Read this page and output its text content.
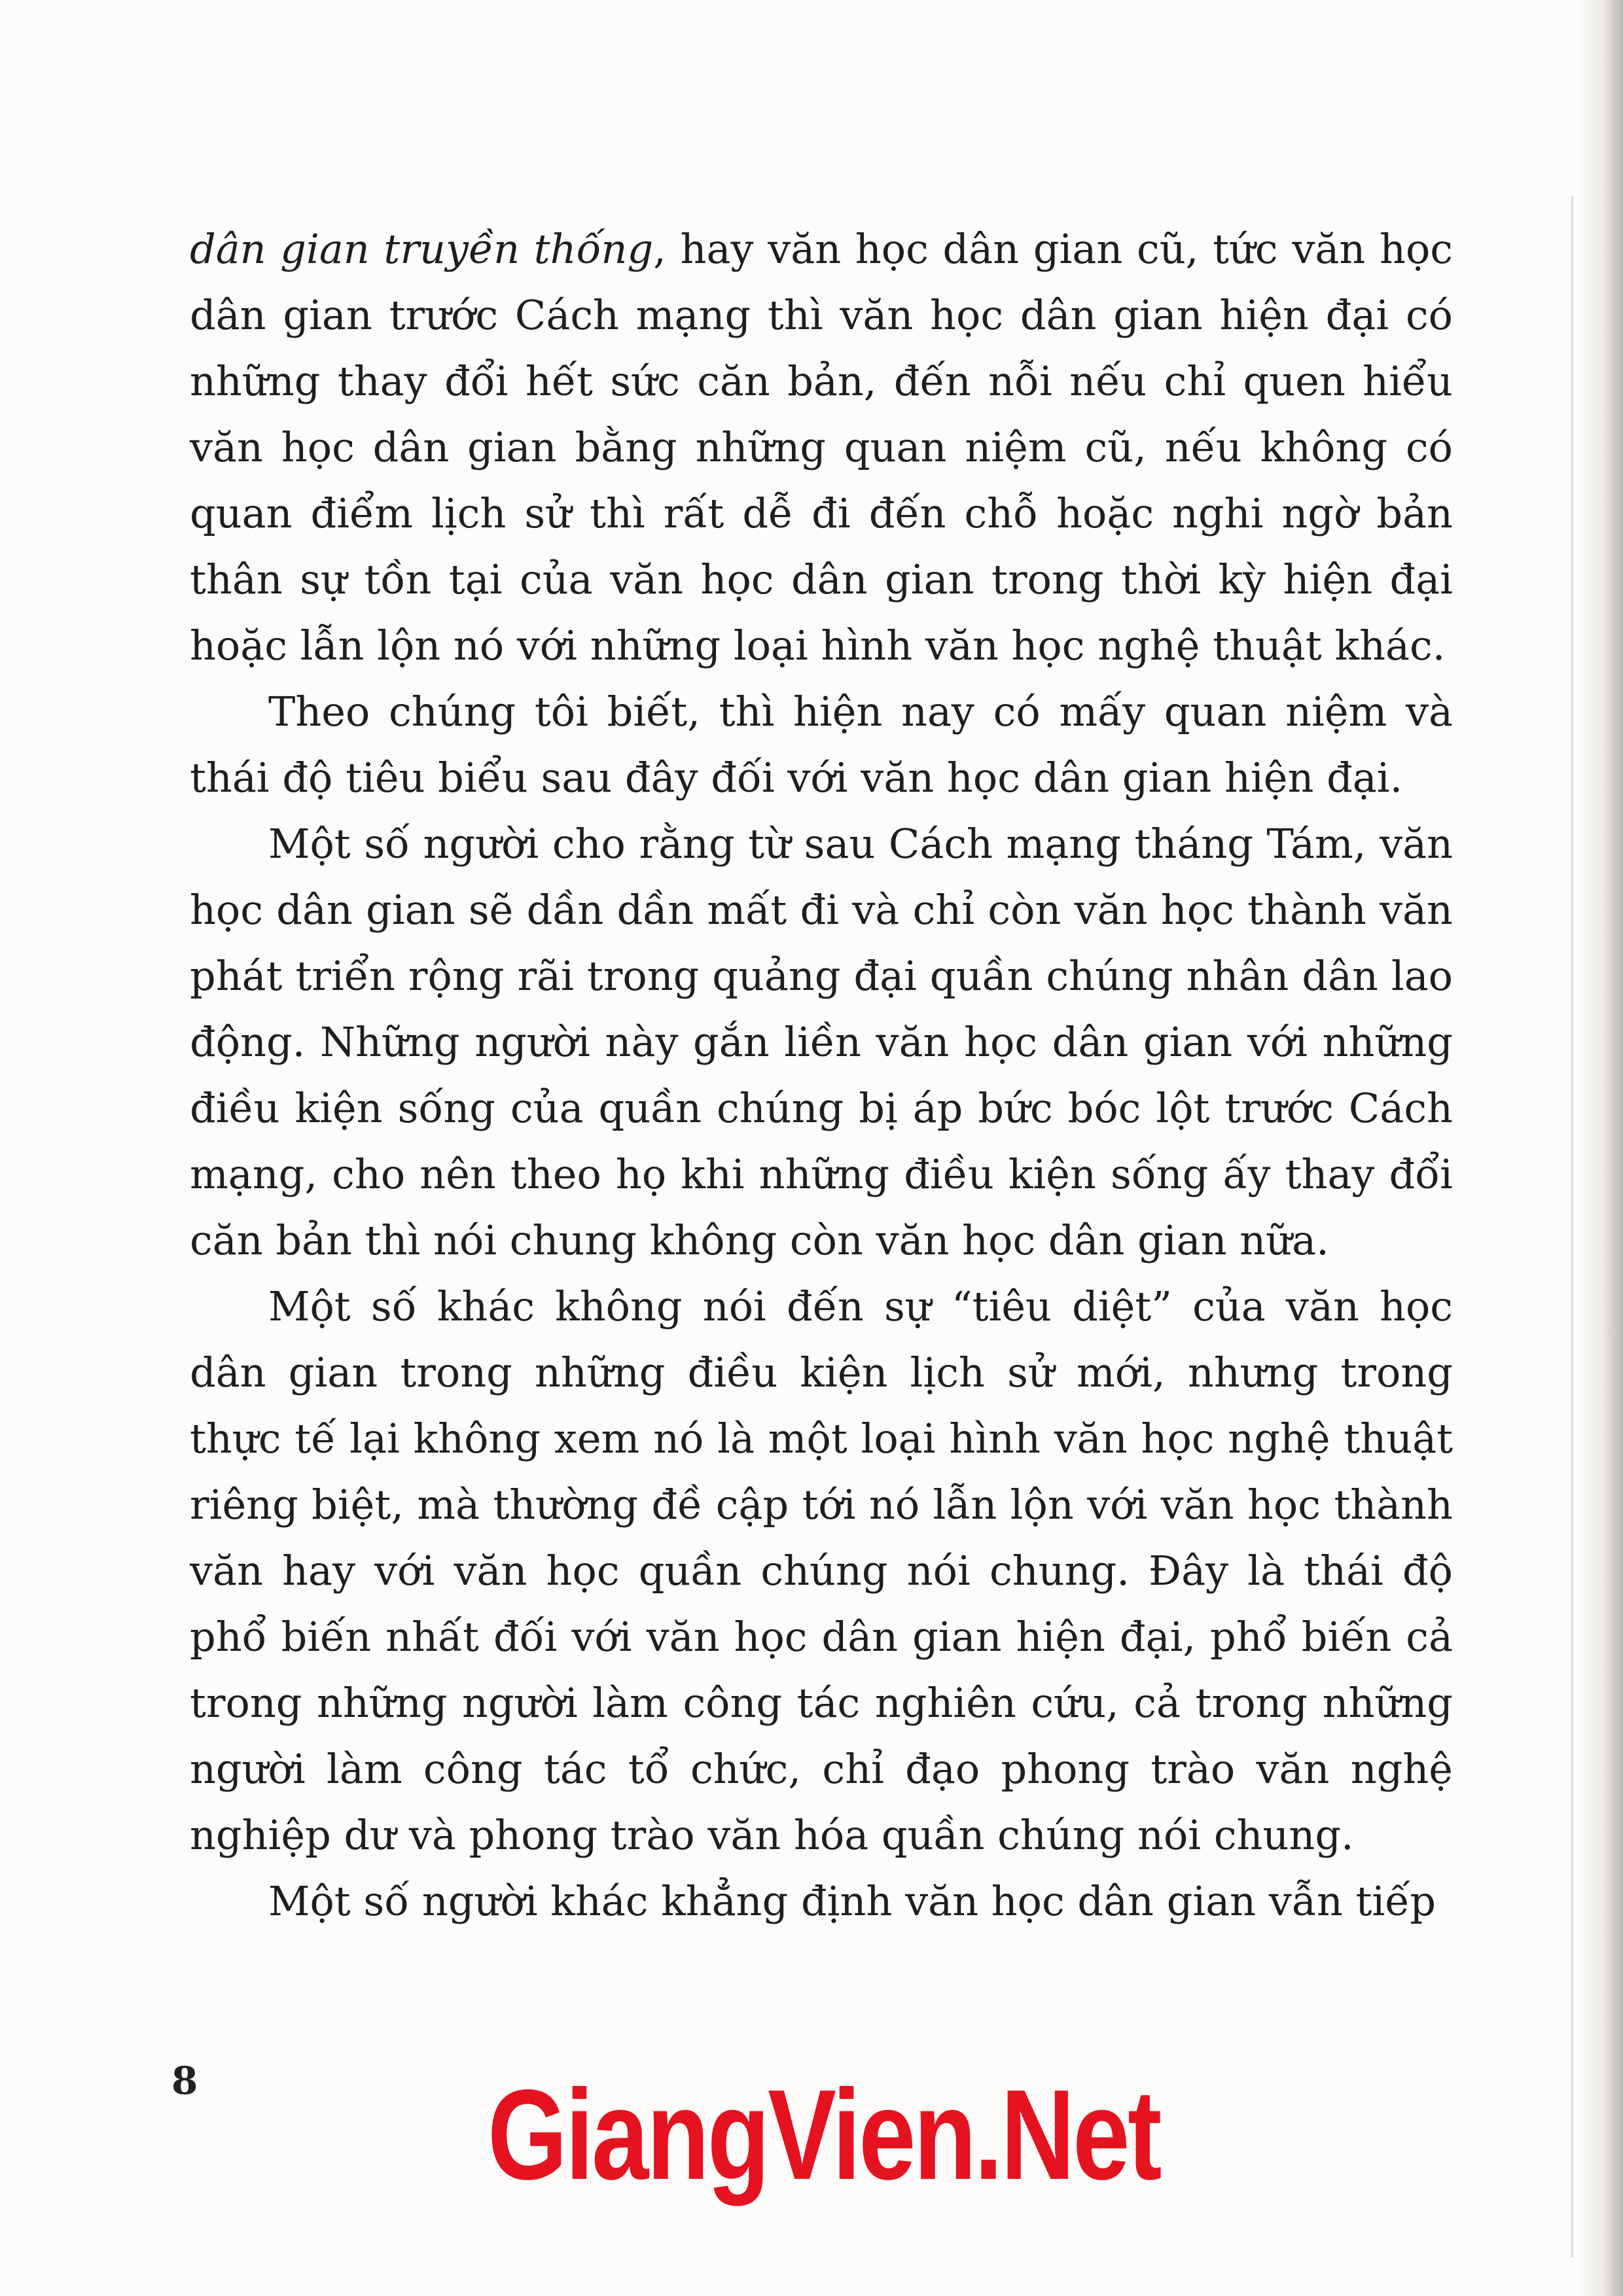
dân gian truyền thống, hay văn học dân gian cũ, tức văn học dân gian trước Cách mạng thì văn học dân gian hiện đại có những thay đổi hết sức căn bản, đến nỗi nếu chỉ quen hiểu văn học dân gian bằng những quan niệm cũ, nếu không có quan điểm lịch sử thì rất dễ đi đến chỗ hoặc nghi ngờ bản thân sự tồn tại của văn học dân gian trong thời kỳ hiện đại hoặc lẫn lộn nó với những loại hình văn học nghệ thuật khác.

Theo chúng tôi biết, thì hiện nay có mấy quan niệm và thái độ tiêu biểu sau đây đối với văn học dân gian hiện đại.

Một số người cho rằng từ sau Cách mạng tháng Tám, văn học dân gian sẽ dần dần mất đi và chỉ còn văn học thành văn phát triển rộng rãi trong quảng đại quần chúng nhân dân lao động. Những người này gắn liền văn học dân gian với những điều kiện sống của quần chúng bị áp bức bóc lột trước Cách mạng, cho nên theo họ khi những điều kiện sống ấy thay đổi căn bản thì nói chung không còn văn học dân gian nữa.

Một số khác không nói đến sự “tiêu diệt” của văn học dân gian trong những điều kiện lịch sử mới, nhưng trong thực tế lại không xem nó là một loại hình văn học nghệ thuật riêng biệt, mà thường đề cập tới nó lẫn lộn với văn học thành văn hay với văn học quần chúng nói chung. Đây là thái độ phổ biến nhất đối với văn học dân gian hiện đại, phổ biến cả trong những người làm công tác nghiên cứu, cả trong những người làm công tác tổ chức, chỉ đạo phong trào văn nghệ nghiệp dư và phong trào văn hóa quần chúng nói chung.

Một số người khác khẳng định văn học dân gian vẫn tiếp

8 GiangVien.Net
